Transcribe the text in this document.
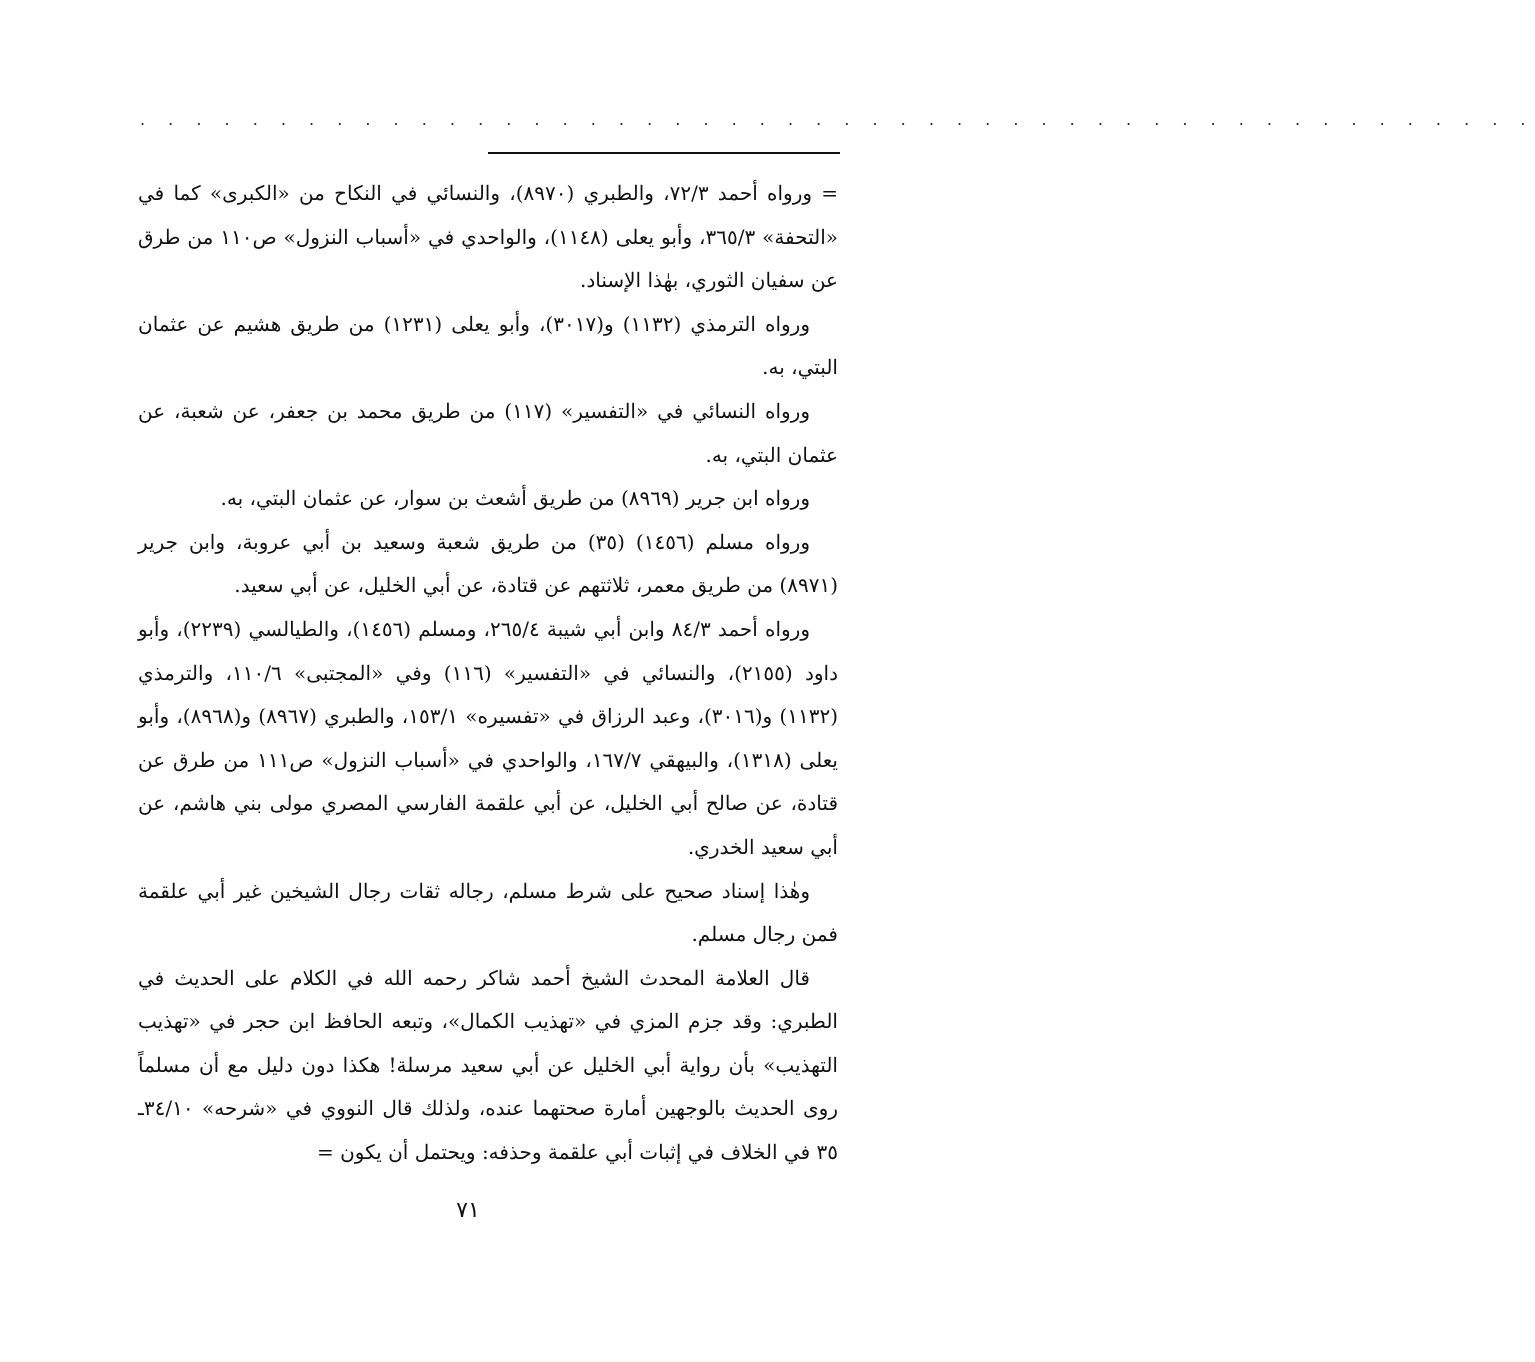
. . . . . . . . . . . . . . . . . . . . . . . . . . . . . . . . . . . . . . . . . . . . . . . . . .

= ورواه أحمد ٧٢/٣، والطبري (٨٩٧٠)، والنسائي في النكاح من «الكبرى» كما في «التحفة» ٣٦٥/٣، وأبو يعلى (١١٤٨)، والواحدي في «أسباب النزول» ص١١٠ من طرق عن سفيان الثوري، بهٰذا الإسناد.

ورواه الترمذي (١١٣٢) و(٣٠١٧)، وأبو يعلى (١٢٣١) من طريق هشيم عن عثمان البتي، به.

ورواه النسائي في «التفسير» (١١٧) من طريق محمد بن جعفر، عن شعبة، عن عثمان البتي، به.

ورواه ابن جرير (٨٩٦٩) من طريق أشعث بن سوار، عن عثمان البتي، به.

ورواه مسلم (١٤٥٦) (٣٥) من طريق شعبة وسعيد بن أبي عروبة، وابن جرير (٨٩٧١) من طريق معمر، ثلاثتهم عن قتادة، عن أبي الخليل، عن أبي سعيد.

ورواه أحمد ٨٤/٣ وابن أبي شيبة ٢٦٥/٤، ومسلم (١٤٥٦)، والطيالسي (٢٢٣٩)، وأبو داود (٢١٥٥)، والنسائي في «التفسير» (١١٦) وفي «المجتبى» ١١٠/٦، والترمذي (١١٣٢) و(٣٠١٦)، وعبد الرزاق في «تفسيره» ١٥٣/١، والطبري (٨٩٦٧) و(٨٩٦٨)، وأبو يعلى (١٣١٨)، والبيهقي ١٦٧/٧، والواحدي في «أسباب النزول» ص١١١ من طرق عن قتادة، عن صالح أبي الخليل، عن أبي علقمة الفارسي المصري مولى بني هاشم، عن أبي سعيد الخدري.

وهٰذا إسناد صحيح على شرط مسلم، رجاله ثقات رجال الشيخين غير أبي علقمة فمن رجال مسلم.

قال العلامة المحدث الشيخ أحمد شاكر رحمه الله في الكلام على الحديث في الطبري: وقد جزم المزي في «تهذيب الكمال»، وتبعه الحافظ ابن حجر في «تهذيب التهذيب» بأن رواية أبي الخليل عن أبي سعيد مرسلة! هكذا دون دليل مع أن مسلماً روى الحديث بالوجهين أمارة صحتهما عنده، ولذلك قال النووي في «شرحه» ٣٤/١٠ـ ٣٥ في الخلاف في إثبات أبي علقمة وحذفه: ويحتمل أن يكون =

٧١
